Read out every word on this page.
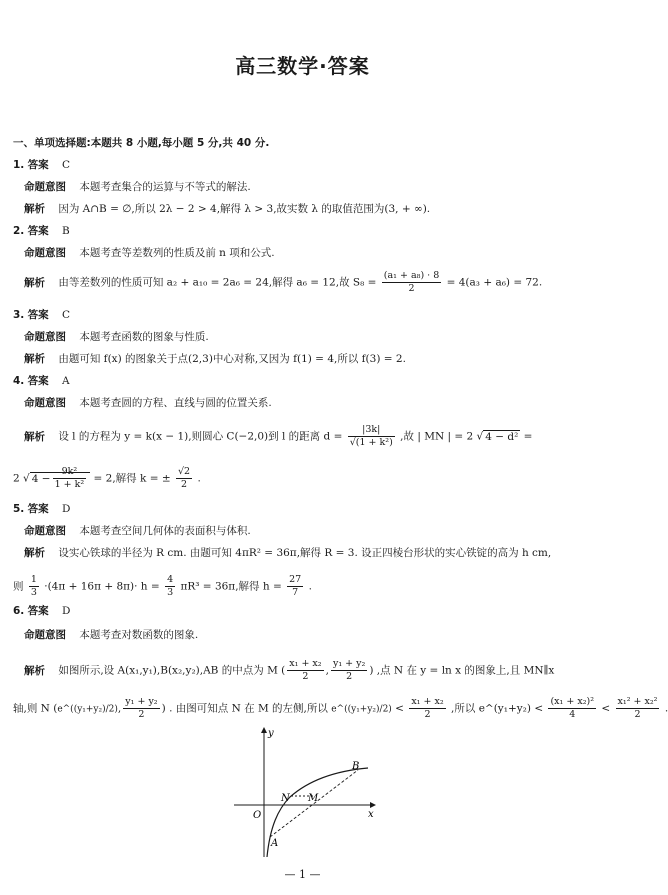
高三数学·答案
一、单项选择题:本题共 8 小题,每小题 5 分,共 40 分.
1. 答案 C
命题意图 本题考查集合的运算与不等式的解法.
解析 因为 A∩B = ∅,所以 2λ − 2 > 4,解得 λ > 3,故实数 λ 的取值范围为(3, + ∞).
2. 答案 B
命题意图 本题考查等差数列的性质及前 n 项和公式.
解析 由等差数列的性质可知 a₂ + a₁₀ = 2a₆ = 24,解得 a₆ = 12,故 $S_8 = \frac{\text{(a₁ + a₈) · 8}}{2} = 4(a_3 + a_6) = 72$.
3. 答案 C
命题意图 本题考查函数的图象与性质.
解析 由题可知 f(x) 的图象关于点(2,3)中心对称,又因为 f(1) = 4,所以 f(3) = 2.
4. 答案 A
命题意图 本题考查圆的方程、直线与圆的位置关系.
解析 设 l 的方程为 y = k(x − 1),则圆心 C(−2,0)到 l 的距离 $d = \frac{|3k|}{\text{√(1 + k²)}}$ ,故 | MN | = 2 √ 4 − d² =
2 √ $4 - \frac{\text{9k²}}{\text{1 + k²}} = 2$,解得 k = ± $\frac{√2}{2}$ .
5. 答案 D
命题意图 本题考查空间几何体的表面积与体积.
解析 设实心铁球的半径为 R cm. 由题可知 4πR² = 36π,解得 R = 3. 设正四棱台形状的实心铁锭的高为 h cm,
则 $\frac{1}{3} \cdot(4\pi + 16\pi + 8\pi)\cdot h = \frac{4}{3} \pi R^3 = 36\pi$,解得 $h = \frac{27}{7}$ .
6. 答案 D
命题意图 本题考查对数函数的图象.
解析 如图所示,设 A(x₁,y₁),B(x₂,y₂),AB 的中点为 M ( $\frac{\text{x₁ + x₂}}{2}$ , $\frac{\text{y₁ + y₂}}{2}$ ) ,点 N 在 y = ln x 的图象上,且 MN∥x
轴,则 N (e^((y₁+y₂)/2), $\frac{\text{y₁ + y₂}}{2}$ ) . 由图可知点 N 在 M 的左侧,所以 e^((y₁+y₂)/2) < $\frac{\text{x₁ + x₂}}{2}$ ,所以 e^(y₁+y₂) < $\frac{\text{(x₁ + x₂)²}}{4} < \frac{\text{x₁² + x₂²}}{2}$ .
y
x
O
A
B
N M
— 1 —
